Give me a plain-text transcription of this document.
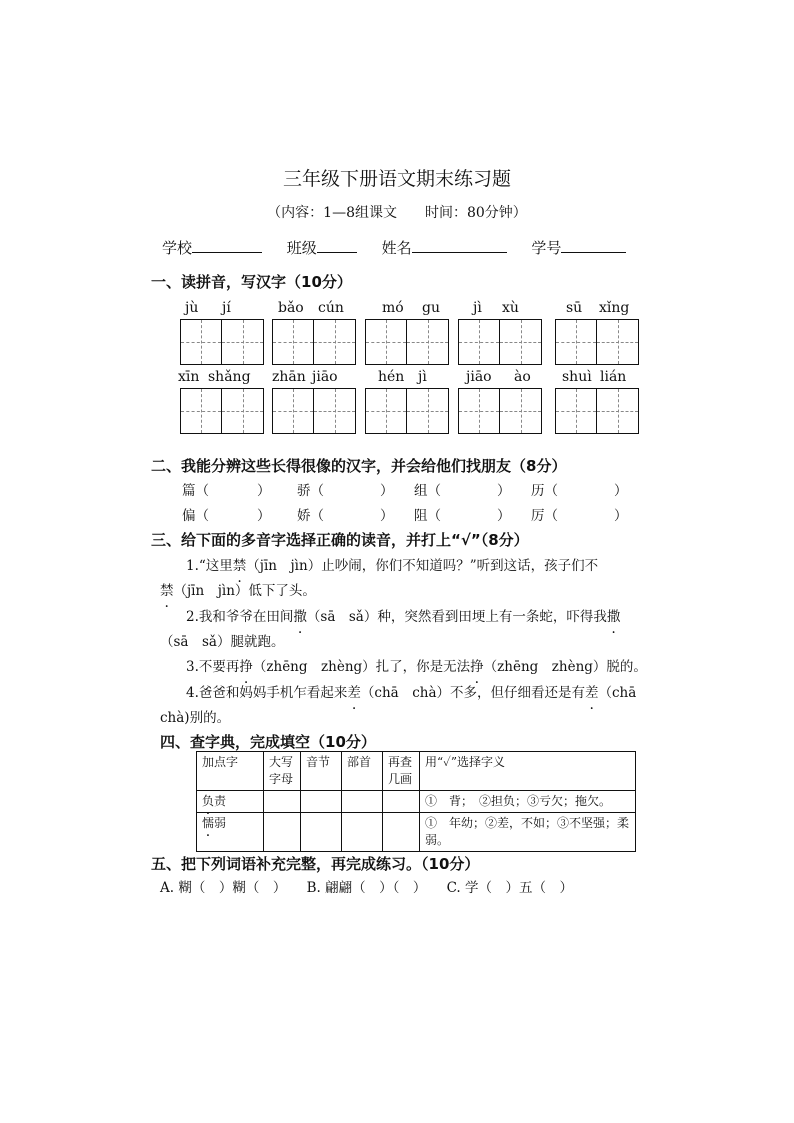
三年级下册语文期末练习题
（内容：1—8组课文　　时间：80分钟）
学校	班级	姓名	学号
一、读拼音，写汉字（10分）
jù jí	bǎo cún	mó gu jì xù	sū xǐng
xīn shǎng zhān jiāo	hén jì	jiāo ào shuì lián
二、我能分辨这些长得很像的汉字，并会给他们找朋友（8分）
篇（	） 骄（	） 组（	） 历（	）
偏（	） 娇（	） 阻（	） 厉（	）
三、给下面的多音字选择正确的读音，并打上“√”（8分）
1.“这里禁（jīn　jìn）止吵闹，你们不知道吗？”听到这话，孩子们不
禁（jīn　jìn）低下了头。
2.我和爷爷在田间撒（sā　sǎ）种，突然看到田埂上有一条蛇，吓得我撒
（sā　sǎ）腿就跑。
3.不要再挣（zhēng　zhèng）扎了，你是无法挣（zhēng　zhèng）脱的。
4.爸爸和妈妈手机乍看起来差（chā　chà）不多，但仔细看还是有差（chā
chà)别的。
四、查字典，完成填空（10分）
加点字	大写字母	音节	部首	再查几画	用“✓”选择字义
负责					①　背；　②担负；③亏欠；拖欠。
懦弱					①　年幼；②差，不如；③不坚强；柔弱。
五、把下列词语补充完整，再完成练习。（10分）
A. 糊（　）糊（　）　　B. 翩翩（　）（　）　　C. 学（　）五（　）
